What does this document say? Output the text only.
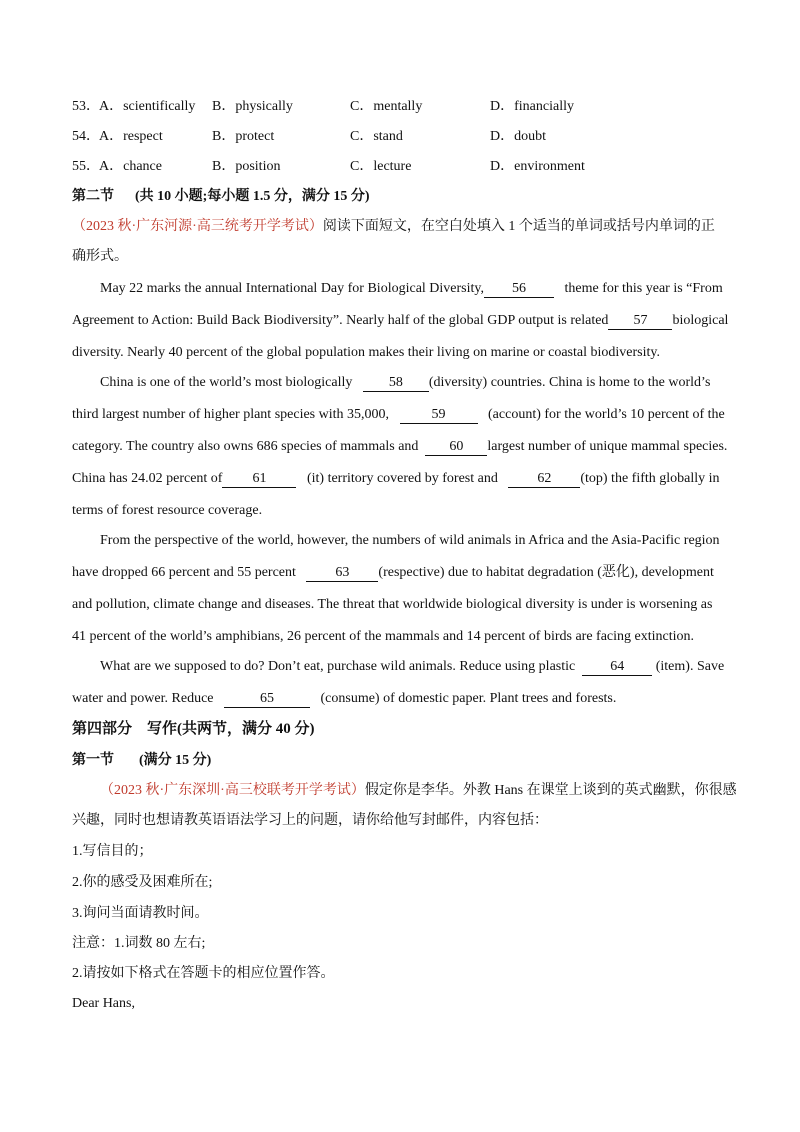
53． A．scientifically B．physically	C．mentally	D．financially
54． A．respect	B．protect	C．stand	D．doubt
55． A．chance	B．position	C．lecture	D．environment
第二节 (共 10 小题;每小题 1.5 分，满分 15 分)
（2023 秋·广东河源·高三统考开学考试）阅读下面短文，在空白处填入 1 个适当的单词或括号内单词的正
确形式。
May 22 marks the annual International Day for Biological Diversity, 56	theme for this year is “From
Agreement to Action: Build Back Biodiversity”. Nearly half of the global GDP output is related 57 biological
diversity. Nearly 40 percent of the global population makes their living on marine or coastal biodiversity.
China is one of the world’s most biologically	58 (diversity) countries. China is home to the world’s
third largest number of higher plant species with 35,000,	59	(account) for the world’s 10 percent of the
category. The country also owns 686 species of mammals and 60 largest number of unique mammal species.
China has 24.02 percent of 61	(it) territory covered by forest and	62 (top) the fifth globally in
terms of forest resource coverage.
From the perspective of the world, however, the numbers of wild animals in Africa and the Asia-Pacific region
have dropped 66 percent and 55 percent	63 (respective) due to habitat degradation (恶化), development
and pollution, climate change and diseases. The threat that worldwide biological diversity is under is worsening as
41 percent of the world’s amphibians, 26 percent of the mammals and 14 percent of birds are facing extinction.
What are we supposed to do? Don’t eat, purchase wild animals. Reduce using plastic	64 (item). Save
water and power. Reduce	65	(consume) of domestic paper. Plant trees and forests.
第四部分　写作(共两节，满分 40 分)
第一节 (满分 15 分)
（2023 秋·广东深圳·高三校联考开学考试）假定你是李华。外教 Hans 在课堂上谈到的英式幽默，你很感
兴趣，同时也想请教英语语法学习上的问题，请你给他写封邮件，内容包括：
1.写信目的；
2.你的感受及困难所在;
3.询问当面请教时间。
注意：1.词数 80 左右;
2.请按如下格式在答题卡的相应位置作答。
Dear Hans,
